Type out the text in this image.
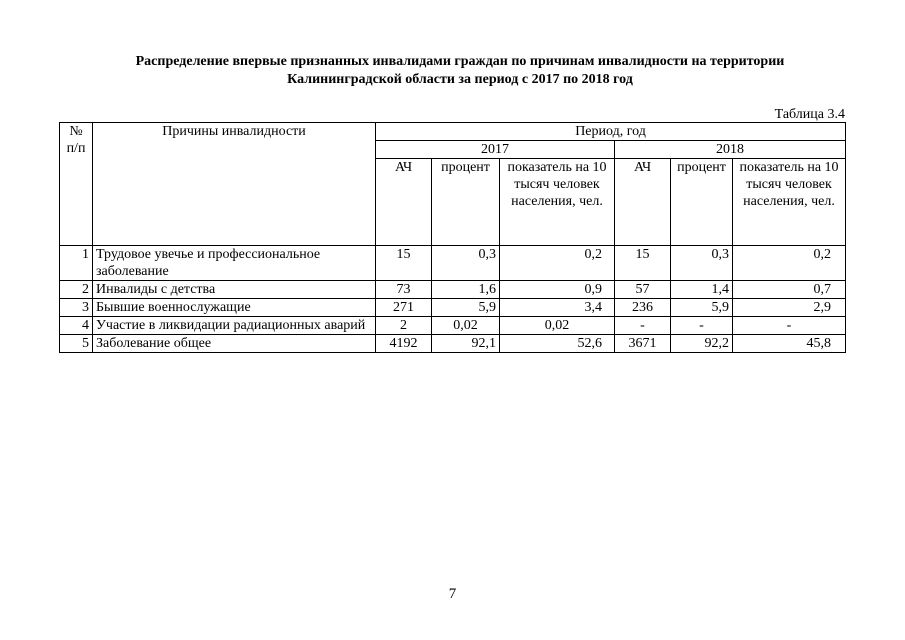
Распределение впервые признанных инвалидами граждан по причинам инвалидности на территории
Калининградской области за период с 2017 по 2018 год
Таблица 3.4
№
п/п	Причины инвалидности	Период, год					
		2017			2018		
		АЧ	процент	показатель на 10 тысяч человек населения, чел.	АЧ	процент	показатель на 10 тысяч человек населения, чел.
1	Трудовое увечье и профессиональное заболевание	15	0,3	0,2	15	0,3	0,2
2	Инвалиды с детства	73	1,6	0,9	57	1,4	0,7
3	Бывшие военнослужащие	271	5,9	3,4	236	5,9	2,9
4	Участие в ликвидации радиационных аварий	2	0,02	0,02	-	-	-
5	Заболевание общее	4192	92,1	52,6	3671	92,2	45,8
7
